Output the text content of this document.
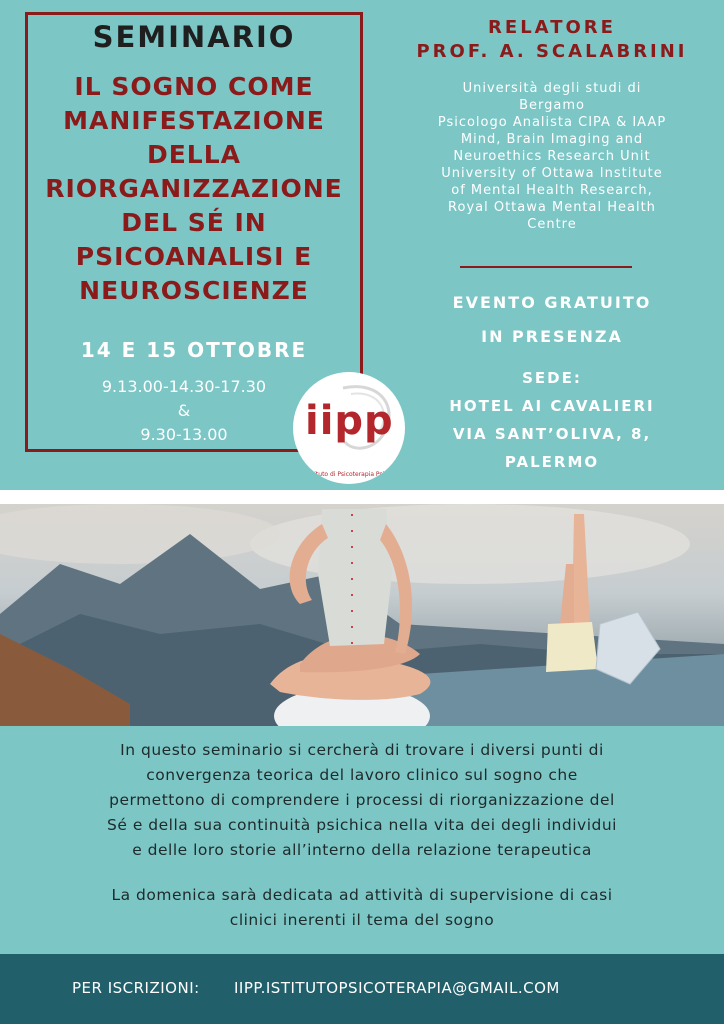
SEMINARIO
IL SOGNO COME
MANIFESTAZIONE
DELLA
RIORGANIZZAZIONE
DEL SÉ IN
PSICOANALISI E
NEUROSCIENZE
14 E 15 OTTOBRE
9.13.00-14.30-17.30
&
9.30-13.00	iipp
Istituto di Psicoterapia Psi...
RELATORE
PROF. A. SCALABRINI
Università degli studi di
Bergamo
Psicologo Analista CIPA & IAAP
Mind, Brain Imaging and
Neuroethics Research Unit
University of Ottawa Institute
of Mental Health Research,
Royal Ottawa Mental Health
Centre
EVENTO GRATUITO
IN PRESENZA
SEDE:
HOTEL AI CAVALIERI
VIA SANT’OLIVA, 8,
PALERMO

In questo seminario si cercherà di trovare i diversi punti di
convergenza teorica del lavoro clinico sul sogno che
permettono di comprendere i processi di riorganizzazione del
Sé e della sua continuità psichica nella vita dei degli individui
e delle loro storie all’interno della relazione terapeutica

La domenica sarà dedicata ad attività di supervisione di casi
clinici inerenti il tema del sogno

PER ISCRIZIONI: IIPP.ISTITUTOPSICOTERAPIA@GMAIL.COM
